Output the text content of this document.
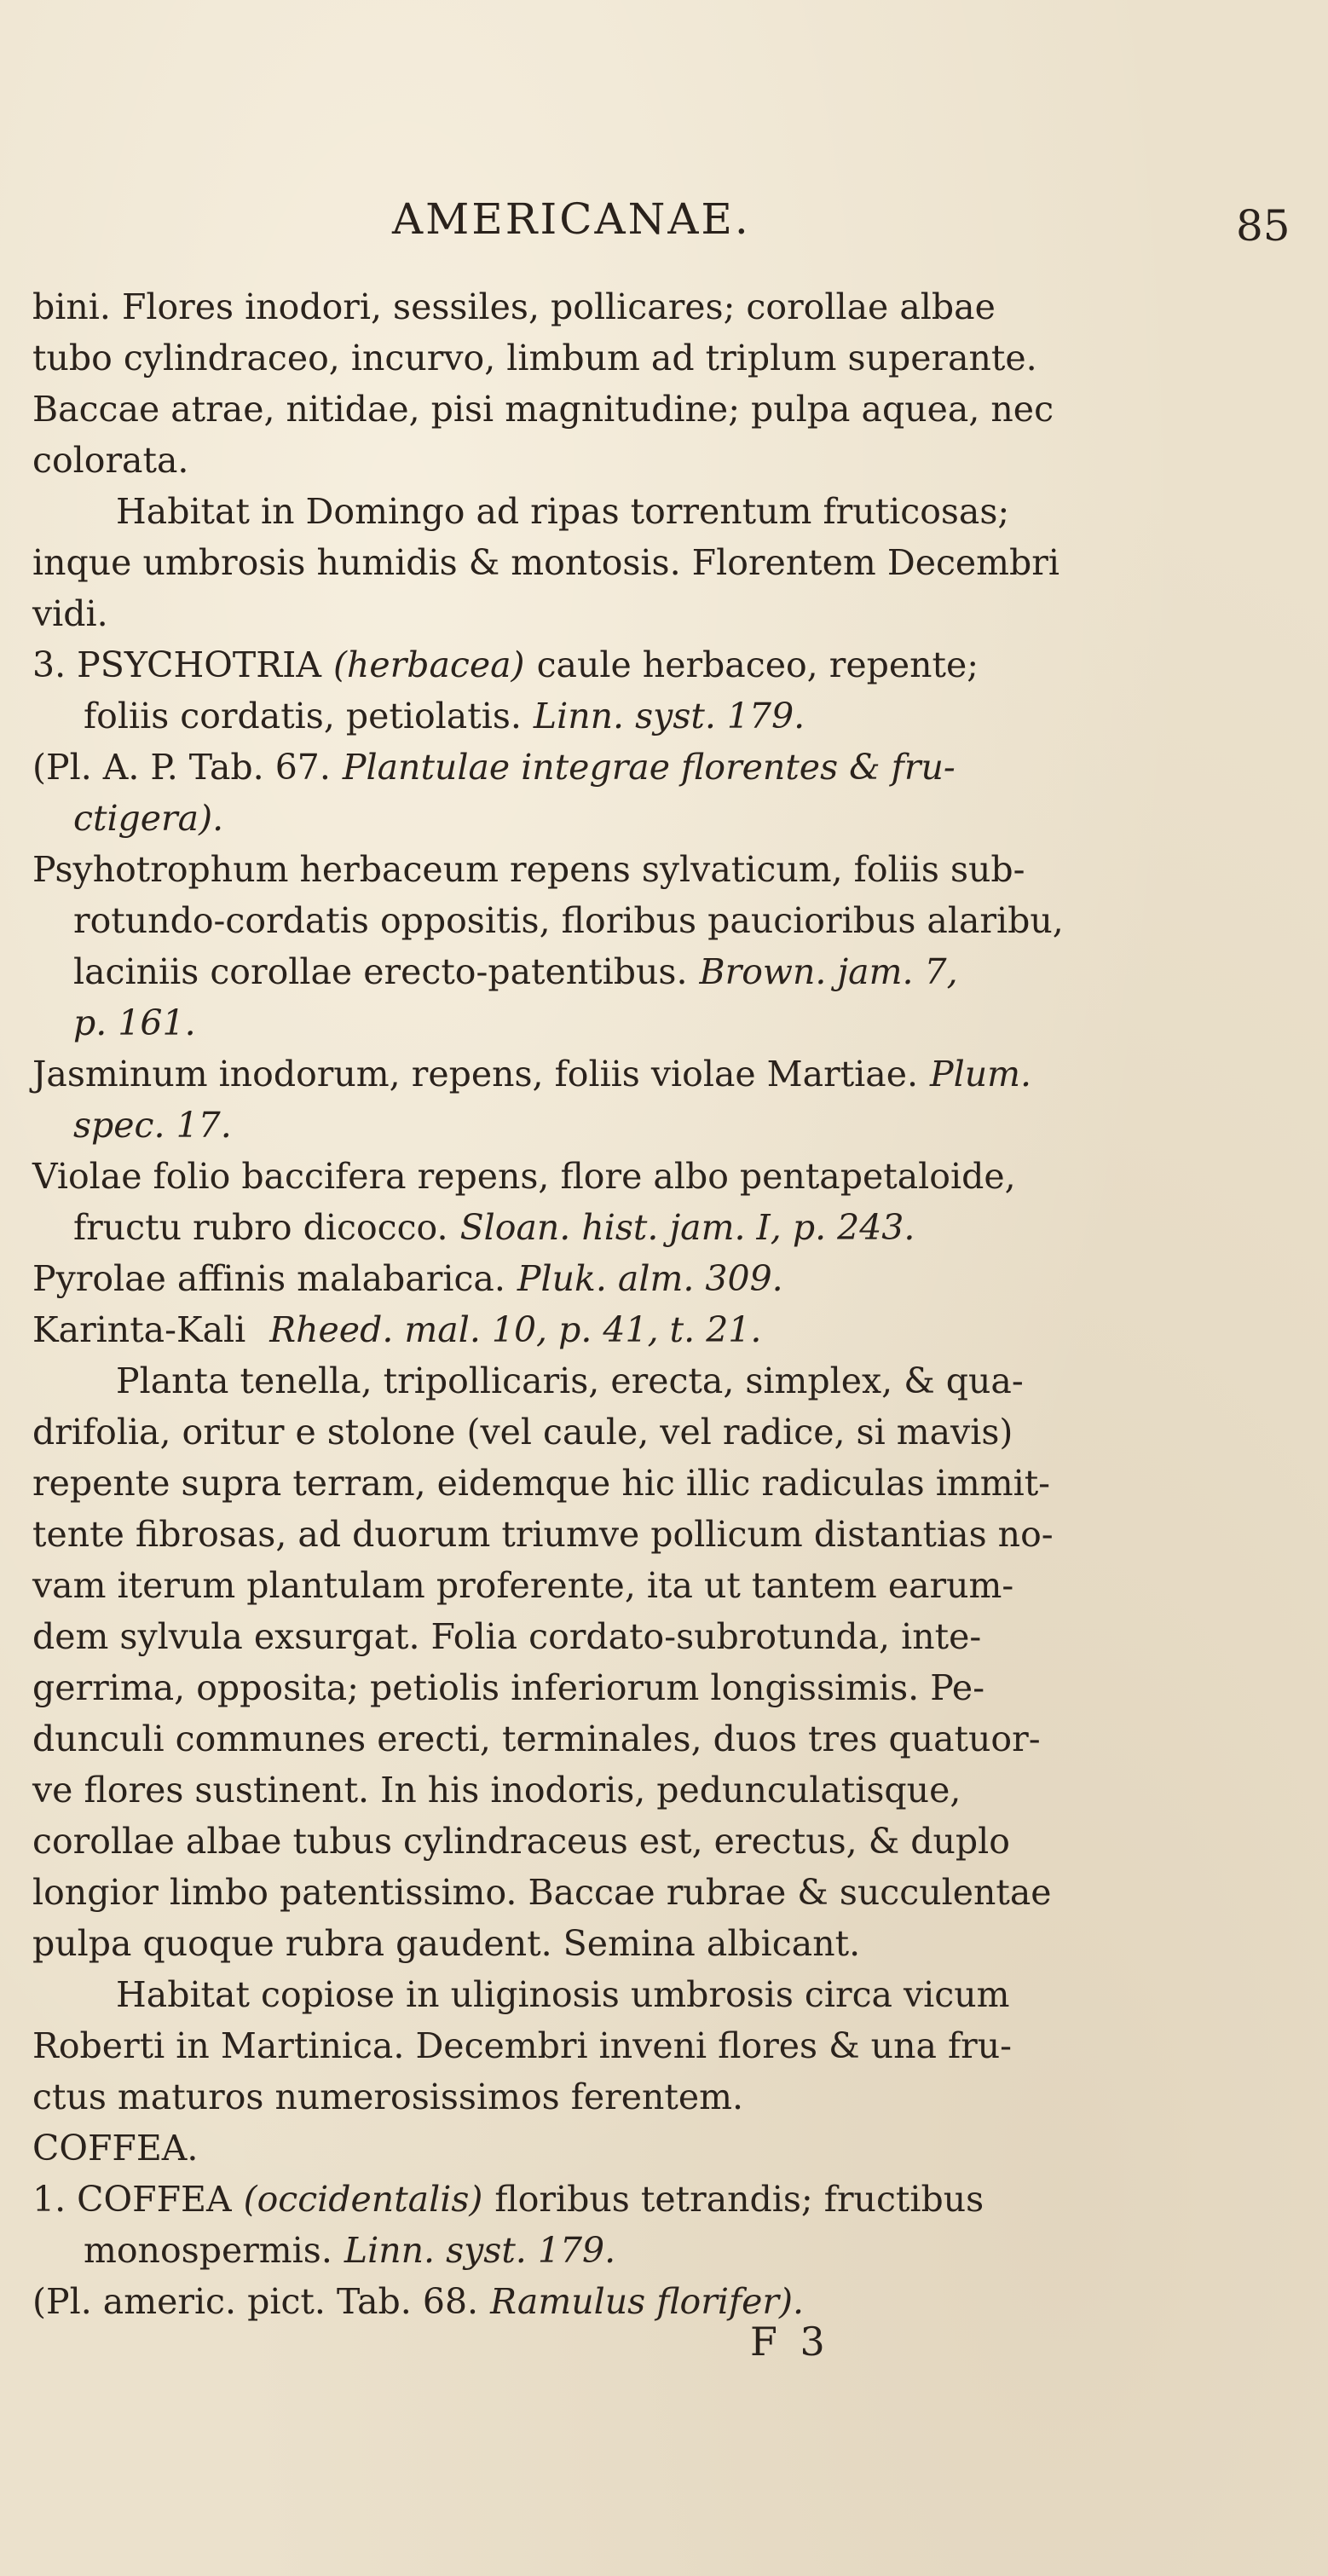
AMERICANAE.	85
bini. Flores inodori, sessiles, pollicares; corollae albae
tubo cylindraceo, incurvo, limbum ad triplum superante.
Baccae atrae, nitidae, pisi magnitudine; pulpa aquea, nec
colorata.
Habitat in Domingo ad ripas torrentum fruticosas;
inque umbrosis humidis & montosis. Florentem Decembri
vidi.
3. PSYCHOTRIA (herbacea) caule herbaceo, repente;
foliis cordatis, petiolatis. Linn. syst. 179.
(Pl. A. P. Tab. 67. Plantulae integrae florentes & fru-
ctigera).
Psyhotrophum herbaceum repens sylvaticum, foliis sub-
rotundo-cordatis oppositis, floribus paucioribus alaribu,
laciniis corollae erecto-patentibus. Brown. jam. 7,
p. 161.
Jasminum inodorum, repens, foliis violae Martiae. Plum.
spec. 17.
Violae folio baccifera repens, flore albo pentapetaloide,
fructu rubro dicocco. Sloan. hist. jam. I, p. 243.
Pyrolae affinis malabarica. Pluk. alm. 309.
Karinta-Kali Rheed. mal. 10, p. 41, t. 21.
Planta tenella, tripollicaris, erecta, simplex, & qua-
drifolia, oritur e stolone (vel caule, vel radice, si mavis)
repente supra terram, eidemque hic illic radiculas immit-
tente fibrosas, ad duorum triumve pollicum distantias no-
vam iterum plantulam proferente, ita ut tantem earum-
dem sylvula exsurgat. Folia cordato-subrotunda, inte-
gerrima, opposita; petiolis inferiorum longissimis. Pe-
dunculi communes erecti, terminales, duos tres quatuor-
ve flores sustinent. In his inodoris, pedunculatisque,
corollae albae tubus cylindraceus est, erectus, & duplo
longior limbo patentissimo. Baccae rubrae & succulentae
pulpa quoque rubra gaudent. Semina albicant.
Habitat copiose in uliginosis umbrosis circa vicum
Roberti in Martinica. Decembri inveni flores & una fru-
ctus maturos numerosissimos ferentem.
COFFEA.
1. COFFEA (occidentalis) floribus tetrandis; fructibus
monospermis. Linn. syst. 179.
(Pl. americ. pict. Tab. 68. Ramulus florifer).
F 3
